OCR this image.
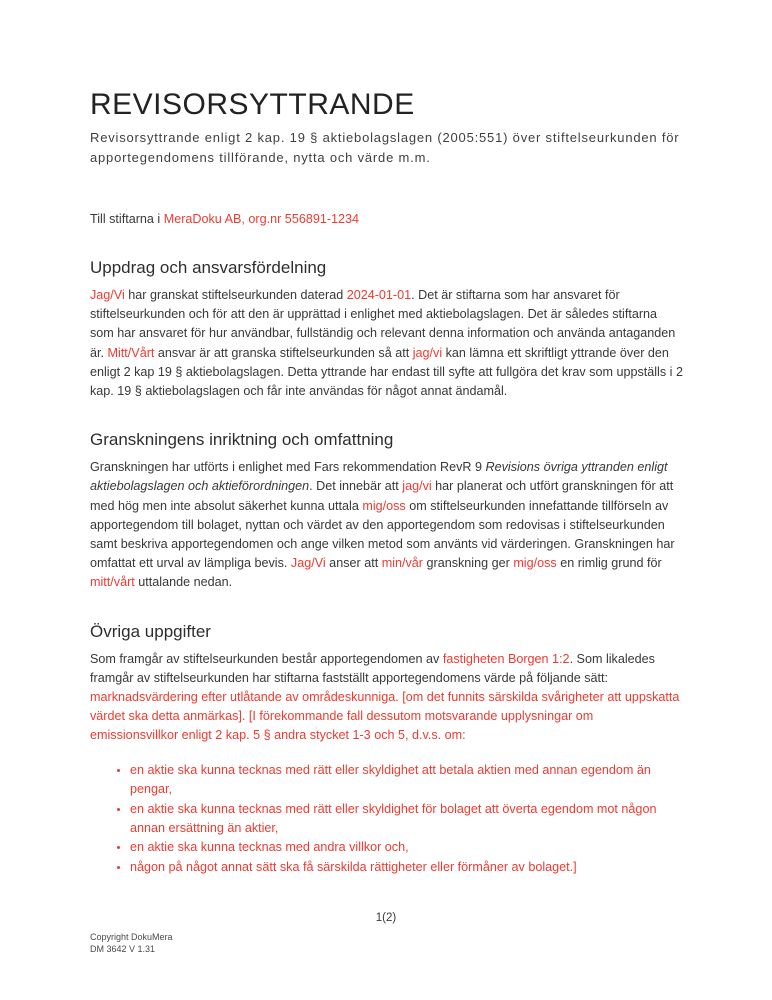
REVISORSYTTRANDE

Revisorsyttrande enligt 2 kap. 19 § aktiebolagslagen (2005:551) över stiftelseurkunden för apportegendomens tillförande, nytta och värde m.m.

Till stiftarna i MeraDoku AB, org.nr 556891-1234

Uppdrag och ansvarsfördelning

Jag/Vi har granskat stiftelseurkunden daterad 2024-01-01. Det är stiftarna som har ansvaret för stiftelseurkunden och för att den är upprättad i enlighet med aktiebolagslagen. Det är således stiftarna som har ansvaret för hur användbar, fullständig och relevant denna information och använda antaganden är. Mitt/Vårt ansvar är att granska stiftelseurkunden så att jag/vi kan lämna ett skriftligt yttrande över den enligt 2 kap 19 § aktiebolagslagen. Detta yttrande har endast till syfte att fullgöra det krav som uppställs i 2 kap. 19 § aktiebolagslagen och får inte användas för något annat ändamål.

Granskningens inriktning och omfattning

Granskningen har utförts i enlighet med Fars rekommendation RevR 9 Revisions övriga yttranden enligt aktiebolagslagen och aktieförordningen. Det innebär att jag/vi har planerat och utfört granskningen för att med hög men inte absolut säkerhet kunna uttala mig/oss om stiftelseurkunden innefattande tillförseln av apportegendom till bolaget, nyttan och värdet av den apportegendom som redovisas i stiftelseurkunden samt beskriva apportegendomen och ange vilken metod som använts vid värderingen. Granskningen har omfattat ett urval av lämpliga bevis. Jag/Vi anser att min/vår granskning ger mig/oss en rimlig grund för mitt/vårt uttalande nedan.

Övriga uppgifter

Som framgår av stiftelseurkunden består apportegendomen av fastigheten Borgen 1:2. Som likaledes framgår av stiftelseurkunden har stiftarna fastställt apportegendomens värde på följande sätt: marknadsvärdering efter utlåtande av områdeskunniga. [om det funnits särskilda svårigheter att uppskatta värdet ska detta anmärkas]. [I förekommande fall dessutom motsvarande upplysningar om emissionsvillkor enligt 2 kap. 5 § andra stycket 1-3 och 5, d.v.s. om:

• en aktie ska kunna tecknas med rätt eller skyldighet att betala aktien med annan egendom än pengar,
• en aktie ska kunna tecknas med rätt eller skyldighet för bolaget att överta egendom mot någon annan ersättning än aktier,
• en aktie ska kunna tecknas med andra villkor och,
• någon på något annat sätt ska få särskilda rättigheter eller förmåner av bolaget.]
1(2)
Copyright DokuMera
DM 3642 V 1.31
